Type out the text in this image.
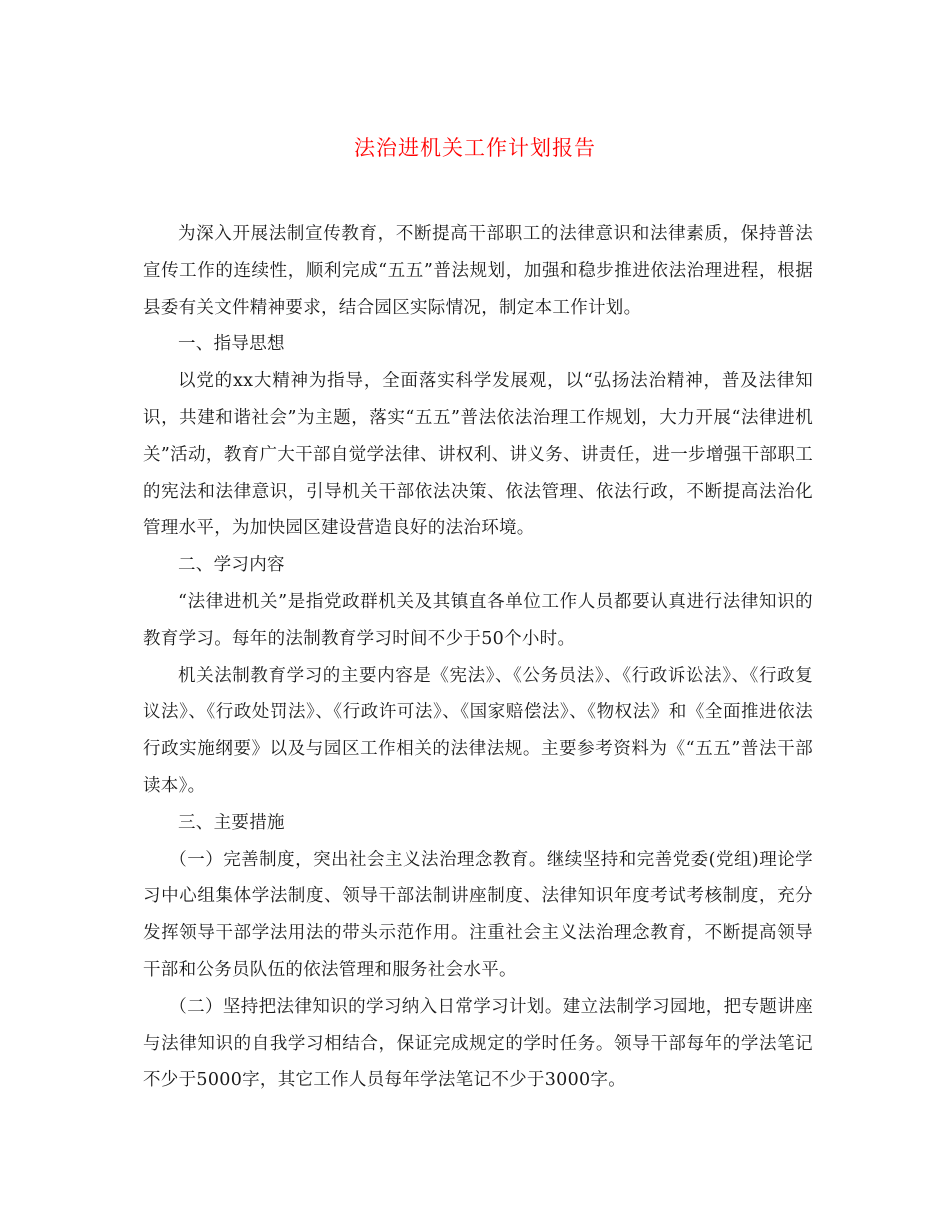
法治进机关工作计划报告

为深入开展法制宣传教育，不断提高干部职工的法律意识和法律素质，保持普法宣传工作的连续性，顺利完成“五五”普法规划，加强和稳步推进依法治理进程，根据县委有关文件精神要求，结合园区实际情况，制定本工作计划。

一、指导思想

以党的xx大精神为指导，全面落实科学发展观，以“弘扬法治精神，普及法律知识，共建和谐社会”为主题，落实“五五”普法依法治理工作规划，大力开展“法律进机关”活动，教育广大干部自觉学法律、讲权利、讲义务、讲责任，进一步增强干部职工的宪法和法律意识，引导机关干部依法决策、依法管理、依法行政，不断提高法治化管理水平，为加快园区建设营造良好的法治环境。

二、学习内容

“法律进机关”是指党政群机关及其镇直各单位工作人员都要认真进行法律知识的教育学习。每年的法制教育学习时间不少于50个小时。

机关法制教育学习的主要内容是《宪法》、《公务员法》、《行政诉讼法》、《行政复议法》、《行政处罚法》、《行政许可法》、《国家赔偿法》、《物权法》和《全面推进依法行政实施纲要》以及与园区工作相关的法律法规。主要参考资料为《“五五”普法干部读本》。

三、主要措施

（一）完善制度，突出社会主义法治理念教育。继续坚持和完善党委(党组)理论学习中心组集体学法制度、领导干部法制讲座制度、法律知识年度考试考核制度，充分发挥领导干部学法用法的带头示范作用。注重社会主义法治理念教育，不断提高领导干部和公务员队伍的依法管理和服务社会水平。

（二）坚持把法律知识的学习纳入日常学习计划。建立法制学习园地，把专题讲座与法律知识的自我学习相结合，保证完成规定的学时任务。领导干部每年的学法笔记不少于5000字，其它工作人员每年学法笔记不少于3000字。
